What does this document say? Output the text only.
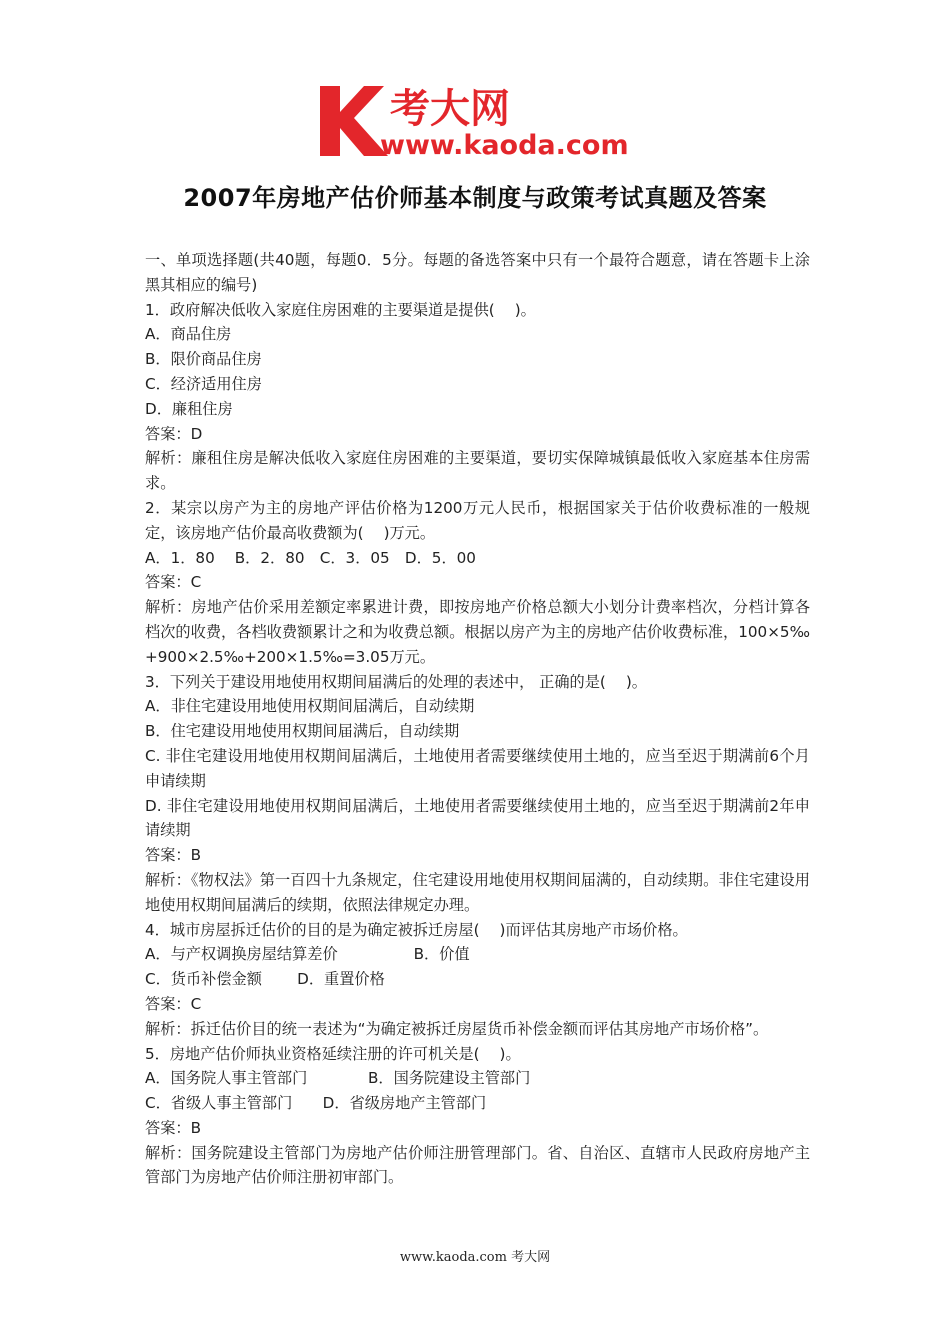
考大网
www.kaoda.com
2007年房地产估价师基本制度与政策考试真题及答案

一、单项选择题(共40题，每题0．5分。每题的备选答案中只有一个最符合题意，请在答题卡上涂黑其相应的编号)

1．政府解决低收入家庭住房困难的主要渠道是提供(　 )。

A．商品住房

B．限价商品住房

C．经济适用住房

D．廉租住房

答案：D

解析：廉租住房是解决低收入家庭住房困难的主要渠道，要切实保障城镇最低收入家庭基本住房需求。

2．某宗以房产为主的房地产评估价格为1200万元人民币，根据国家关于估价收费标准的一般规定，该房地产估价最高收费额为(　 )万元。

A．1．80　 B．2．80　C．3．05　D．5．00

答案：C

解析：房地产估价采用差额定率累进计费，即按房地产价格总额大小划分计费率档次，分档计算各档次的收费，各档收费额累计之和为收费总额。根据以房产为主的房地产估价收费标准，100×5‰+900×2.5‰+200×1.5‰=3.05万元。

3．下列关于建设用地使用权期间届满后的处理的表述中， 正确的是(　 )。

A．非住宅建设用地使用权期间届满后，自动续期

B．住宅建设用地使用权期间届满后，自动续期

C. 非住宅建设用地使用权期间届满后，土地使用者需要继续使用土地的，应当至迟于期满前6个月申请续期

D. 非住宅建设用地使用权期间届满后，土地使用者需要继续使用土地的，应当至迟于期满前2年申请续期

答案：B

解析：《物权法》第一百四十九条规定，住宅建设用地使用权期间届满的，自动续期。非住宅建设用地使用权期间届满后的续期，依照法律规定办理。

4．城市房屋拆迁估价的目的是为确定被拆迁房屋(　 )而评估其房地产市场价格。

A．与产权调换房屋结算差价　　　　　B．价值

C．货币补偿金额　　 D．重置价格

答案：C

解析：拆迁估价目的统一表述为“为确定被拆迁房屋货币补偿金额而评估其房地产市场价格”。

5．房地产估价师执业资格延续注册的许可机关是(　 )。

A．国务院人事主管部门　　　　B．国务院建设主管部门

C．省级人事主管部门　　D．省级房地产主管部门

答案：B

解析：国务院建设主管部门为房地产估价师注册管理部门。省、自治区、直辖市人民政府房地产主管部门为房地产估价师注册初审部门。

www.kaoda.com 考大网
